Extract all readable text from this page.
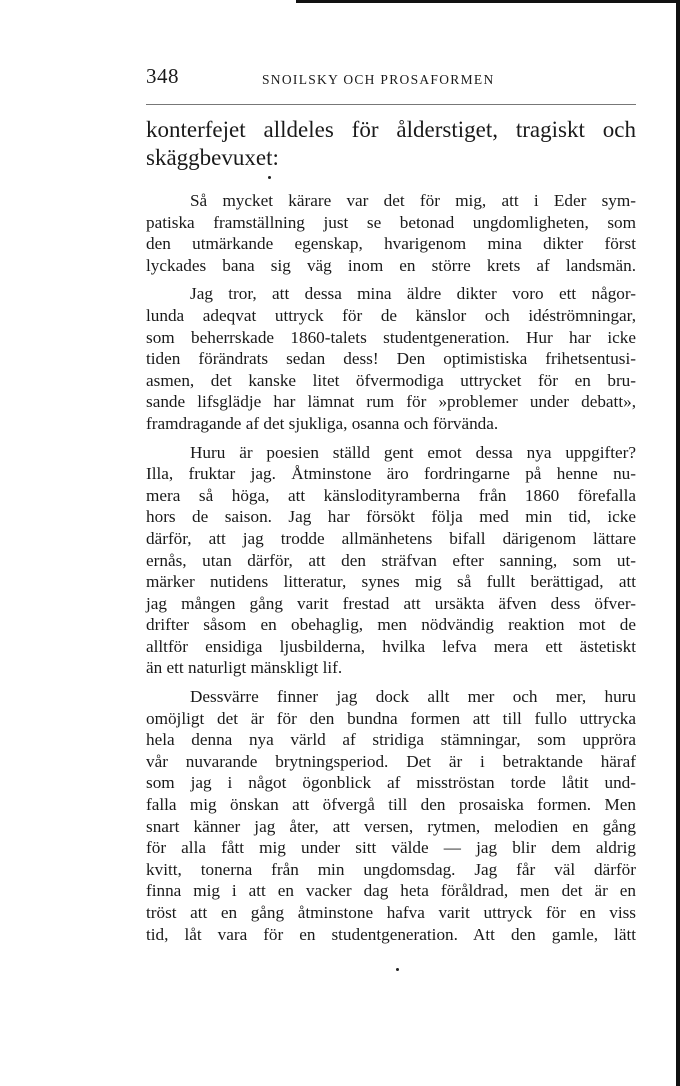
348	SNOILSKY OCH PROSAFORMEN
konterfejet alldeles för ålderstiget, tragiskt och
skäggbevuxet:
Så mycket kärare var det för mig, att i Eder sym-
patiska framställning just se betonad ungdomligheten, som
den utmärkande egenskap, hvarigenom mina dikter först
lyckades bana sig väg inom en större krets af landsmän.
Jag tror, att dessa mina äldre dikter voro ett någor-
lunda adeqvat uttryck för de känslor och idéströmningar,
som beherrskade 1860-talets studentgeneration. Hur har icke
tiden förändrats sedan dess! Den optimistiska frihetsentusi-
asmen, det kanske litet öfvermodiga uttrycket för en bru-
sande lifsglädje har lämnat rum för »problemer under debatt»,
framdragande af det sjukliga, osanna och förvända.
Huru är poesien ställd gent emot dessa nya uppgifter?
Illa, fruktar jag. Åtminstone äro fordringarne på henne nu-
mera så höga, att känslodityramberna från 1860 förefalla
hors de saison. Jag har försökt följa med min tid, icke
därför, att jag trodde allmänhetens bifall därigenom lättare
ernås, utan därför, att den sträfvan efter sanning, som ut-
märker nutidens litteratur, synes mig så fullt berättigad, att
jag mången gång varit frestad att ursäkta äfven dess öfver-
drifter såsom en obehaglig, men nödvändig reaktion mot de
alltför ensidiga ljusbilderna, hvilka lefva mera ett ästetiskt
än ett naturligt mänskligt lif.
Dessvärre finner jag dock allt mer och mer, huru
omöjligt det är för den bundna formen att till fullo uttrycka
hela denna nya värld af stridiga stämningar, som uppröra
vår nuvarande brytningsperiod. Det är i betraktande häraf
som jag i något ögonblick af misströstan torde låtit und-
falla mig önskan att öfvergå till den prosaiska formen. Men
snart känner jag åter, att versen, rytmen, melodien en gång
för alla fått mig under sitt välde — jag blir dem aldrig
kvitt, tonerna från min ungdomsdag. Jag får väl därför
finna mig i att en vacker dag heta föråldrad, men det är en
tröst att en gång åtminstone hafva varit uttryck för en viss
tid, låt vara för en studentgeneration. Att den gamle, lätt
